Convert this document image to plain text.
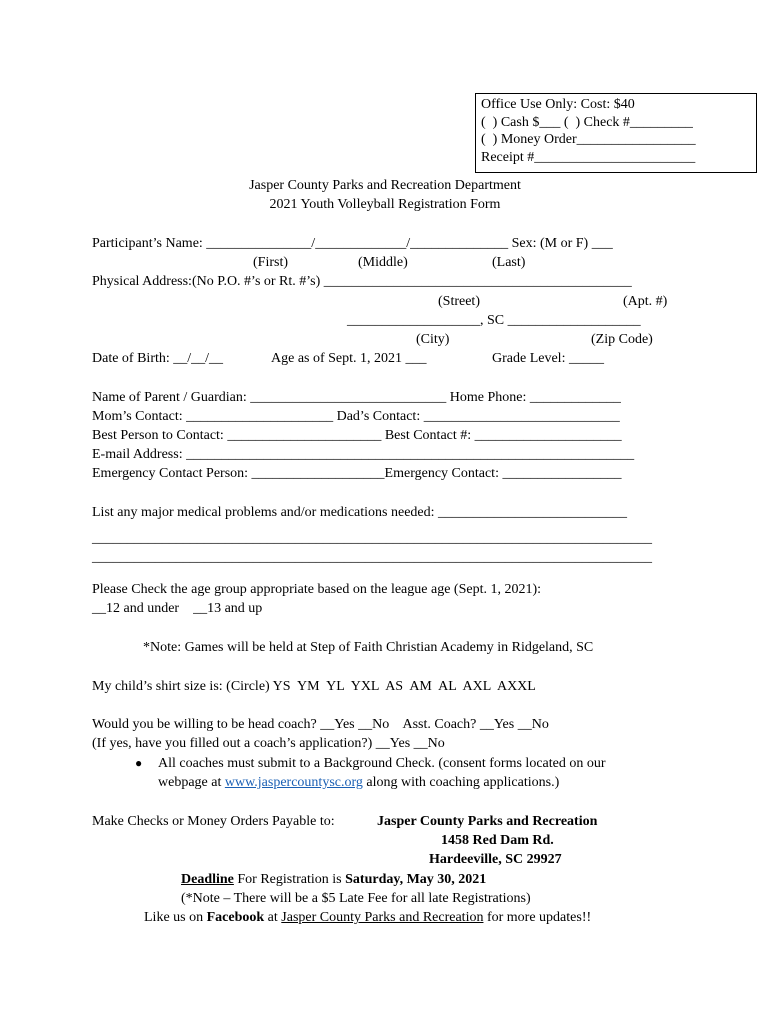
Office Use Only: Cost: $40
(  ) Cash $___ (  ) Check #_________
(  ) Money Order_________________
Receipt #_______________________
Jasper County Parks and Recreation Department
2021 Youth Volleyball Registration Form
Participant’s Name: _______________/_____________/______________ Sex: (M or F) ___
(First)	(Middle)	(Last)
Physical Address:(No P.O. #’s or Rt. #’s) ____________________________________________
(Street)	(Apt. #)
___________________, SC ___________________
(City)	(Zip Code)
Date of Birth: __/__/__	Age as of Sept. 1, 2021 ___	Grade Level: _____
Name of Parent / Guardian: ____________________________ Home Phone: _____________
Mom’s Contact: _____________________ Dad’s Contact: ____________________________
Best Person to Contact: ______________________ Best Contact #: _____________________
E-mail Address: ________________________________________________________________
Emergency Contact Person: ___________________Emergency Contact: _________________
List any major medical problems and/or medications needed: ___________________________
________________________________________________________________________________
________________________________________________________________________________
Please Check the age group appropriate based on the league age (Sept. 1, 2021):
__12 and under    __13 and up
*Note: Games will be held at Step of Faith Christian Academy in Ridgeland, SC
My child’s shirt size is: (Circle) YS  YM  YL  YXL  AS  AM  AL  AXL  AXXL
Would you be willing to be head coach? __Yes __No    Asst. Coach? __Yes __No
(If yes, have you filled out a coach’s application?) __Yes __No
● All coaches must submit to a Background Check. (consent forms located on our
webpage at www.jaspercountysc.org along with coaching applications.)
Make Checks or Money Orders Payable to:	Jasper County Parks and Recreation
1458 Red Dam Rd.
Hardeeville, SC 29927
Deadline For Registration is Saturday, May 30, 2021
(*Note – There will be a $5 Late Fee for all late Registrations)
Like us on Facebook at Jasper County Parks and Recreation for more updates!!
